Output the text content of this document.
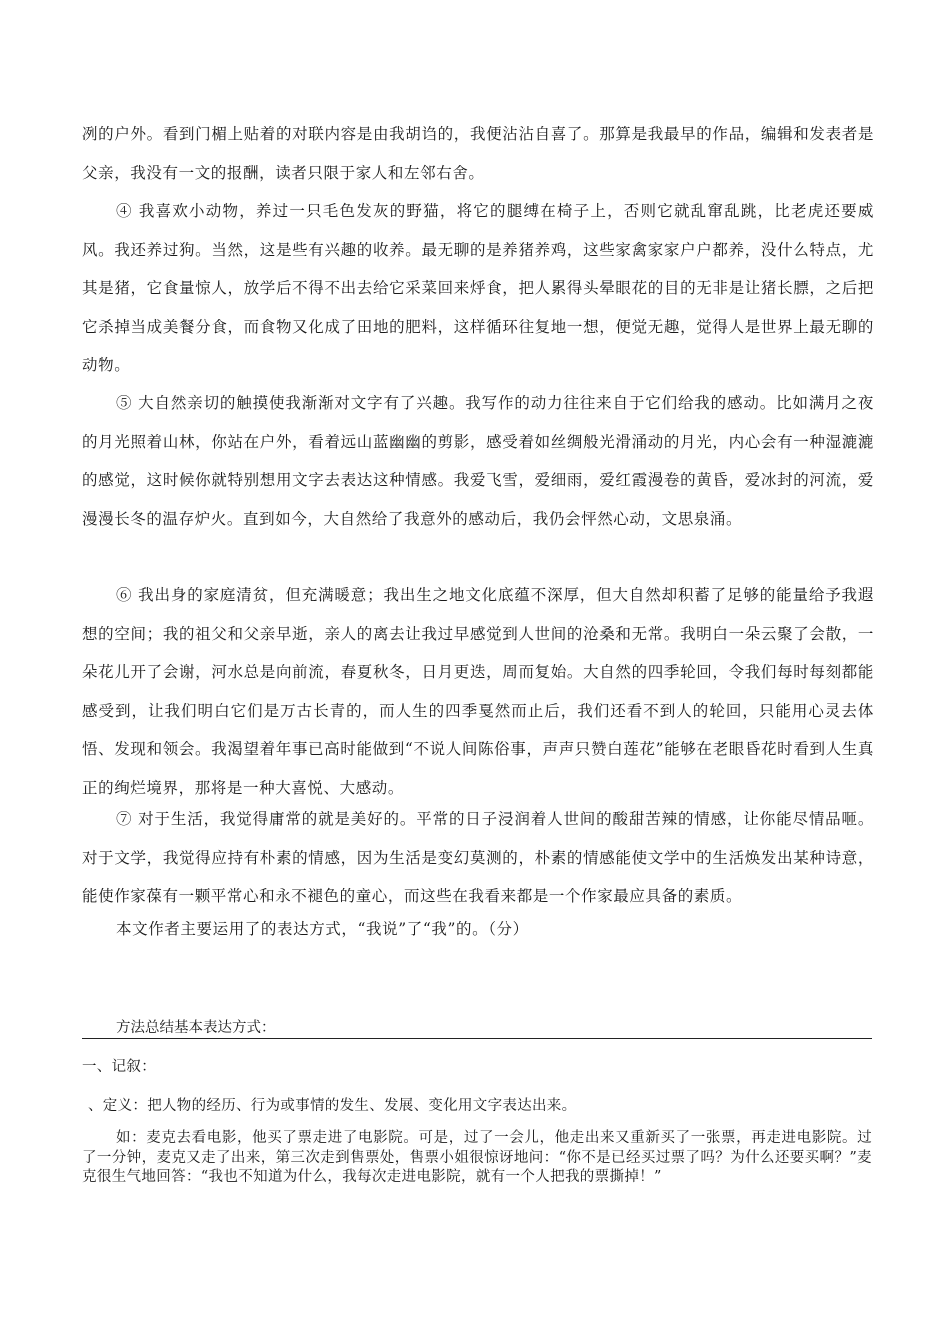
冽的户外。看到门楣上贴着的对联内容是由我胡诌的，我便沾沾自喜了。那算是我最早的作品，编辑和发表者是父亲，我没有一文的报酬，读者只限于家人和左邻右舍。

④ 我喜欢小动物，养过一只毛色发灰的野猫，将它的腿缚在椅子上，否则它就乱窜乱跳，比老虎还要威风。我还养过狗。当然，这是些有兴趣的收养。最无聊的是养猪养鸡，这些家禽家家户户都养，没什么特点，尤其是猪，它食量惊人，放学后不得不出去给它采菜回来烀食，把人累得头晕眼花的目的无非是让猪长膘，之后把它杀掉当成美餐分食，而食物又化成了田地的肥料，这样循环往复地一想，便觉无趣，觉得人是世界上最无聊的动物。

⑤ 大自然亲切的触摸使我渐渐对文字有了兴趣。我写作的动力往往来自于它们给我的感动。比如满月之夜的月光照着山林，你站在户外，看着远山蓝幽幽的剪影，感受着如丝绸般光滑涌动的月光，内心会有一种湿漉漉的感觉，这时候你就特别想用文字去表达这种情感。我爱飞雪，爱细雨，爱红霞漫卷的黄昏，爱冰封的河流，爱漫漫长冬的温存炉火。直到如今，大自然给了我意外的感动后，我仍会怦然心动，文思泉涌。

⑥ 我出身的家庭清贫，但充满暖意；我出生之地文化底蕴不深厚，但大自然却积蓄了足够的能量给予我遐想的空间；我的祖父和父亲早逝，亲人的离去让我过早感觉到人世间的沧桑和无常。我明白一朵云聚了会散，一朵花儿开了会谢，河水总是向前流，春夏秋冬，日月更迭，周而复始。大自然的四季轮回，令我们每时每刻都能感受到，让我们明白它们是万古长青的，而人生的四季戛然而止后，我们还看不到人的轮回，只能用心灵去体悟、发现和领会。我渴望着年事已高时能做到“不说人间陈俗事，声声只赞白莲花”能够在老眼昏花时看到人生真正的绚烂境界，那将是一种大喜悦、大感动。

⑦ 对于生活，我觉得庸常的就是美好的。平常的日子浸润着人世间的酸甜苦辣的情感，让你能尽情品咂。对于文学，我觉得应持有朴素的情感，因为生活是变幻莫测的，朴素的情感能使文学中的生活焕发出某种诗意，能使作家葆有一颗平常心和永不褪色的童心，而这些在我看来都是一个作家最应具备的素质。

本文作者主要运用了的表达方式，“我说”了“我”的。（分）

方法总结基本表达方式：

一、记叙：

、定义：把人物的经历、行为或事情的发生、发展、变化用文字表达出来。

如：麦克去看电影，他买了票走进了电影院。可是，过了一会儿，他走出来又重新买了一张票，再走进电影院。过了一分钟，麦克又走了出来，第三次走到售票处，售票小姐很惊讶地问：“你不是已经买过票了吗？为什么还要买啊？”麦克很生气地回答：“我也不知道为什么，我每次走进电影院，就有一个人把我的票撕掉！”
